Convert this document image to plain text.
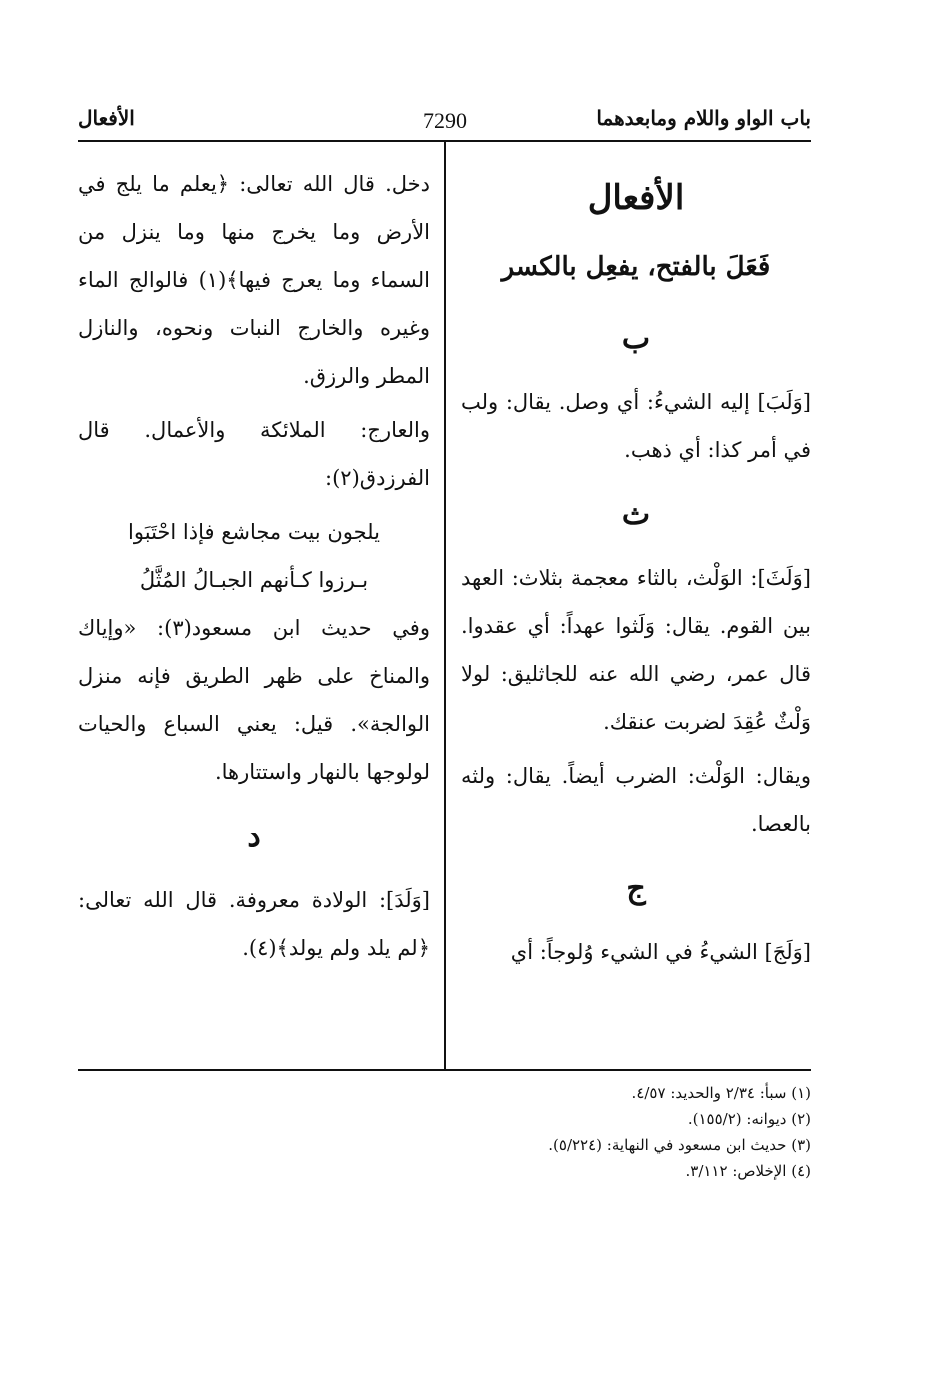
باب الواو واللام ومابعدهما
7290
الأفعال
الأفعال
فَعَلَ بالفتح، يفعِل بالكسر
ب

[وَلَبَ] إليه الشيءُ: أي وصل. يقال: ولب في أمر كذا: أي ذهب.

ث

[وَلَثَ]: الوَلْث، بالثاء معجمة بثلاث: العهد بين القوم. يقال: وَلَثوا عهداً: أي عقدوا. قال عمر، رضي الله عنه للجاثليق: لولا وَلْثٌ عُقِدَ لضربت عنقك.

ويقال: الوَلْث: الضرب أيضاً. يقال: ولثه بالعصا.

ج

[وَلَجَ] الشيءُ في الشيء وُلوجاً: أي

دخل. قال الله تعالى: ﴿يعلم ما يلج في الأرض وما يخرج منها وما ينزل من السماء وما يعرج فيها﴾(١) فالوالج الماء وغيره والخارج النبات ونحوه، والنازل المطر والرزق.

والعارج: الملائكة والأعمال. قال الفرزدق(٢):

يلجون بيت مجاشع فإذا احْتَبَوا
بـرزوا كـأنهم الجبـالُ المُثَّلُ

وفي حديث ابن مسعود(٣): «وإياك والمناخ على ظهر الطريق فإنه منزل الوالجة». قيل: يعني السباع والحيات لولوجها بالنهار واستتارها.

د

[وَلَدَ]: الولادة معروفة. قال الله تعالى: ﴿لم يلد ولم يولد﴾(٤).

(١) سبأ: ٢/٣٤ والحديد: ٤/٥٧.
(٢) ديوانه: (١٥٥/٢).
(٣) حديث ابن مسعود في النهاية: (٥/٢٢٤).
(٤) الإخلاص: ٣/١١٢.
